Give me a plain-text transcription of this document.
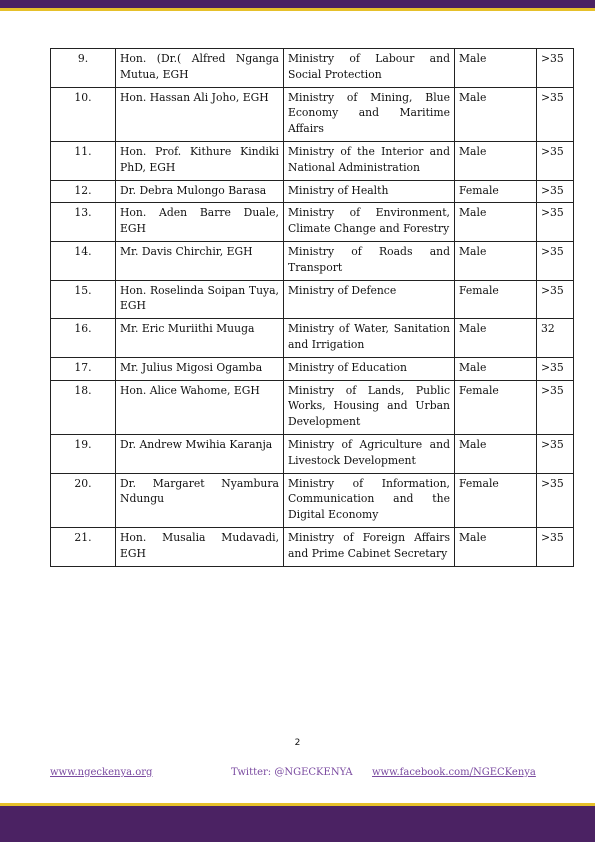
9.	Hon. (Dr.( Alfred Nganga Mutua, EGH	Ministry of Labour and Social Protection	Male	>35
10.	Hon. Hassan Ali Joho, EGH	Ministry of Mining, Blue Economy and Maritime Affairs	Male	>35
11.	Hon. Prof. Kithure Kindiki PhD, EGH	Ministry of the Interior and National Administration	Male	>35
12.	Dr. Debra Mulongo Barasa	Ministry of Health	Female	>35
13.	Hon. Aden Barre Duale, EGH	Ministry of Environment, Climate Change and Forestry	Male	>35
14.	Mr. Davis Chirchir, EGH	Ministry of Roads and Transport	Male	>35
15.	Hon. Roselinda Soipan Tuya, EGH	Ministry of Defence	Female	>35
16.	Mr. Eric Muriithi Muuga	Ministry of Water, Sanitation and Irrigation	Male	32
17.	Mr. Julius Migosi Ogamba	Ministry of Education	Male	>35
18.	Hon. Alice Wahome, EGH	Ministry of Lands, Public Works, Housing and Urban Development	Female	>35
19.	Dr. Andrew Mwihia Karanja	Ministry of Agriculture and Livestock Development	Male	>35
20.	Dr. Margaret Nyambura Ndungu	Ministry of Information, Communication and the Digital Economy	Female	>35
21.	Hon. Musalia Mudavadi, EGH	Ministry of Foreign Affairs and Prime Cabinet Secretary	Male	>35
2
www.ngeckenya.org	Twitter: @NGECKENYA www.facebook.com/NGECKenya
